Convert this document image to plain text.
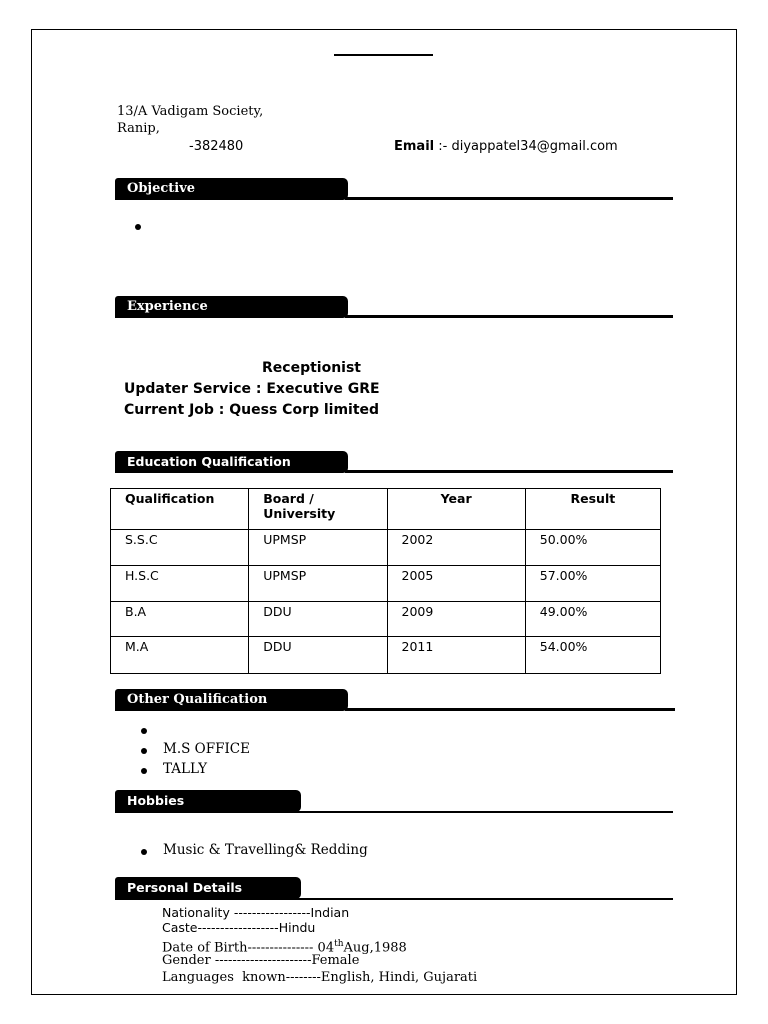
13/A Vadigam Society,
Ranip,
-382480	Email :- diyappatel34@gmail.com
Objective
Experience
Receptionist
Updater Service : Executive GRE
Current Job : Quess Corp limited
Education Qualification
Qualification	Board / University	Year	Result
S.S.C	UPMSP	2002	50.00%
H.S.C	UPMSP	2005	57.00%
B.A	DDU	2009	49.00%
M.A	DDU	2011	54.00%
Other Qualification
M.S OFFICE
TALLY
Hobbies
Music & Travelling& Redding
Personal Details
Nationality -----------------Indian
Caste------------------Hindu
Date of Birth--------------- 04thAug,1988
Gender ----------------------Female
Languages  known--------English, Hindi, Gujarati
